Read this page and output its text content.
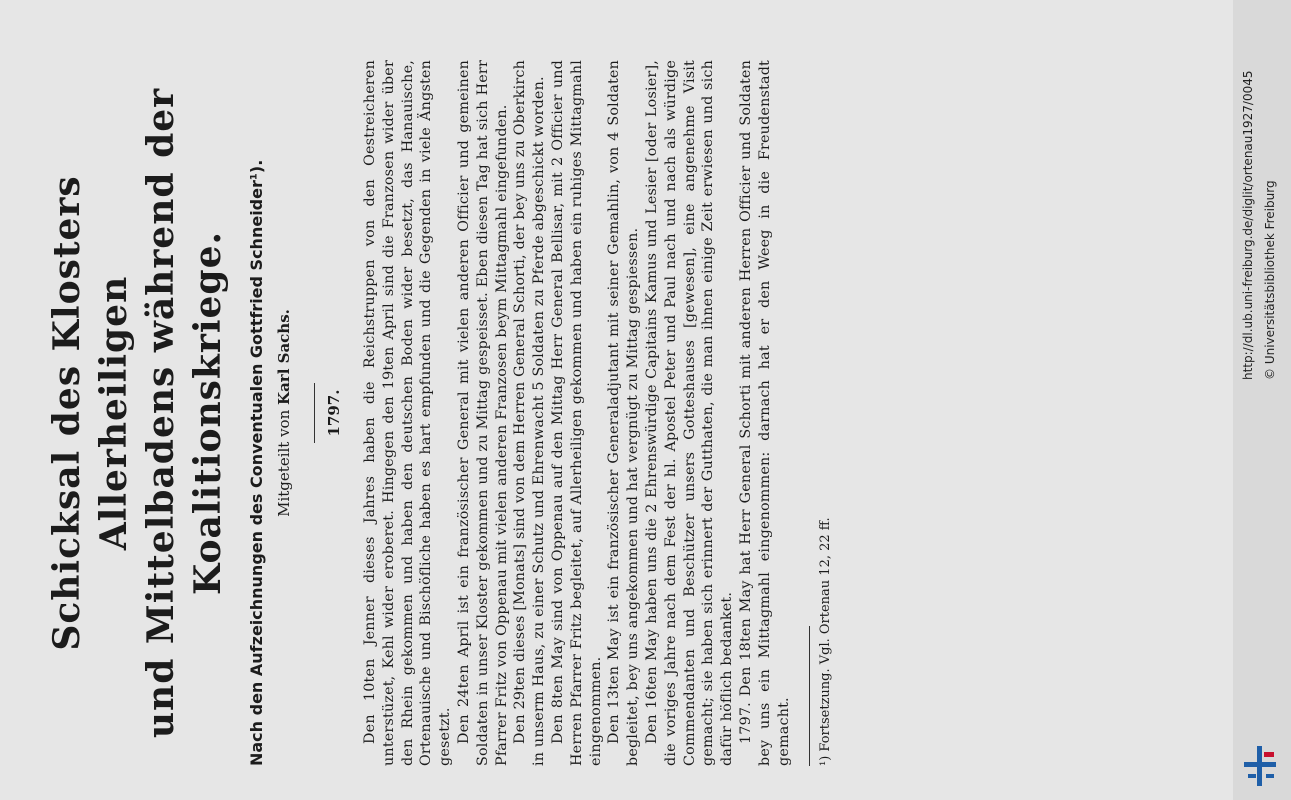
Schicksal des Klosters Allerheiligen und Mittelbadens während der Koalitionskriege. Nach den Aufzeichnungen des Conventualen Gottfried Schneider¹). Mitgeteilt von Karl Sachs.

1797. Den 10ten Jenner dieses Jahres haben die Reichstruppen von den Oestreicheren unterstüzet, Kehl wider eroberet. Hingegen den 19ten April sind die Franzosen wider über den Rhein gekommen und haben den deutschen Boden wider besetzt, das Hanauische, Ortenauische und Bischöfliche haben es hart empfunden und die Gegenden in viele Ängsten gesetzt. Den 24ten April ist ein französischer General mit vielen anderen Officier und gemeinen Soldaten in unser Kloster gekommen und zu Mittag gespeisset. Eben diesen Tag hat sich Herr Pfarrer Fritz von Oppenau mit vielen anderen Franzosen beym Mittagmahl eingefunden. Den 29ten dieses [Monats] sind von dem Herren General Schorti, der bey uns zu Oberkirch in unserm Haus, zu einer Schutz und Ehrenwacht 5 Soldaten zu Pferde abgeschickt worden. Den 8ten May sind von Oppenau auf den Mittag Herr General Bellisar, mit 2 Officier und Herren Pfarrer Fritz begleitet, auf Allerheiligen gekommen und haben ein ruhiges Mittagmahl eingenommen. Den 13ten May ist ein französischer Generaladjutant mit seiner Gemahlin, von 4 Soldaten begleitet, bey uns angekommen und hat vergnügt zu Mittag gespiessen. Den 16ten May haben uns die 2 Ehrenswürdige Capitains Kamus und Lesier [oder Losier], die voriges Jahre nach dem Fest der hl. Apostel Peter und Paul nach und nach als würdige Commendanten und Beschützer unsers Gotteshauses [gewesen], eine angenehme Visit gemacht; sie haben sich erinnert der Gutthaten, die man ihnen einige Zeit erwiesen und sich dafür höflich bedanket. 1797. Den 18ten May hat Herr General Schorti mit anderen Herren Officier und Soldaten bey uns ein Mittagmahl eingenommen: darnach hat er den Weeg in die Freudenstadt gemacht. ¹) Fortsetzung. Vgl. Ortenau 12, 22 ff.

http://dl.ub.uni-freiburg.de/diglit/ortenau1927/0045 © Universitätsbibliothek Freiburg
